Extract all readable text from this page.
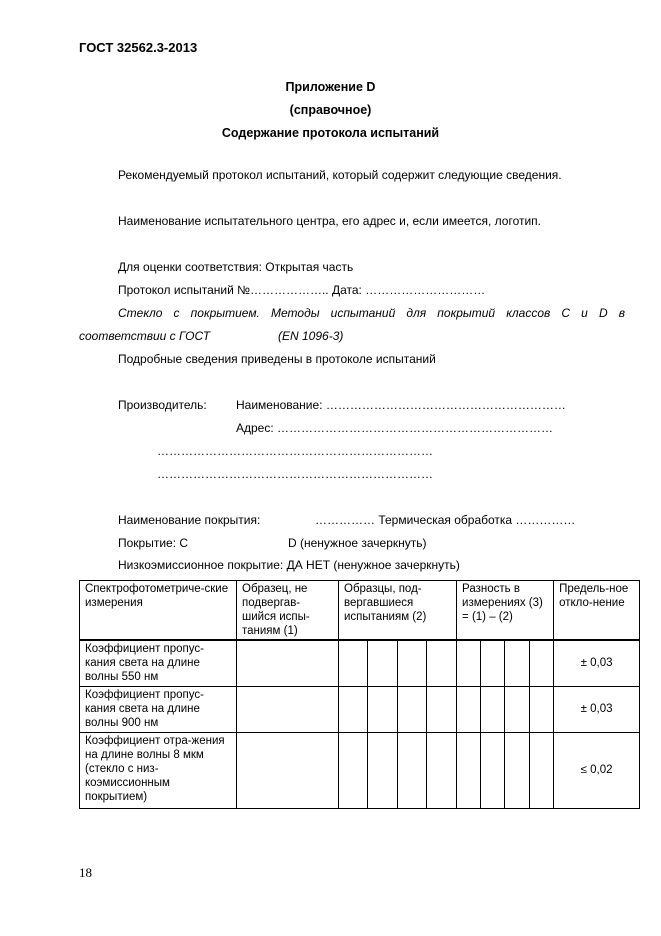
ГОСТ 32562.3-2013
Приложение D
(справочное)
Содержание протокола испытаний
Рекомендуемый протокол испытаний, который содержит следующие сведения.
Наименование испытательного центра, его адрес и, если имеется, логотип.
Для оценки соответствия: Открытая часть
Протокол испытаний №……………….. Дата: …………………………
Стекло с покрытием. Методы испытаний для покрытий классов C и D в
соответствии с ГОСТ	(EN 1096-3)
Подробные сведения приведены в протоколе испытаний
Производитель: Наименование: ……………………………………………………
Адрес: ……………………………………………………………
……………………………………………………………
……………………………………………………………
Наименование покрытия:	…………… Термическая обработка ……………
Покрытие: C	D (ненужное зачеркнуть)
Низкоэмиссионное покрытие: ДА НЕТ (ненужное зачеркнуть)
Спектрофотометриче-ские измерения	Образец, не подвергав-шийся испы-таниям (1)	Образцы, под-вергавшиеся испытаниям (2)				Разность в измерениях (3) = (1) – (2)				Предель-ное откло-нение
Коэффициент пропус-кания света на длине волны 550 нм										± 0,03
Коэффициент пропус-кания света на длине волны 900 нм										± 0,03
Коэффициент отра-жения на длине волны 8 мкм (стекло с низ-коэмиссионным покрытием)										≤ 0,02
18
